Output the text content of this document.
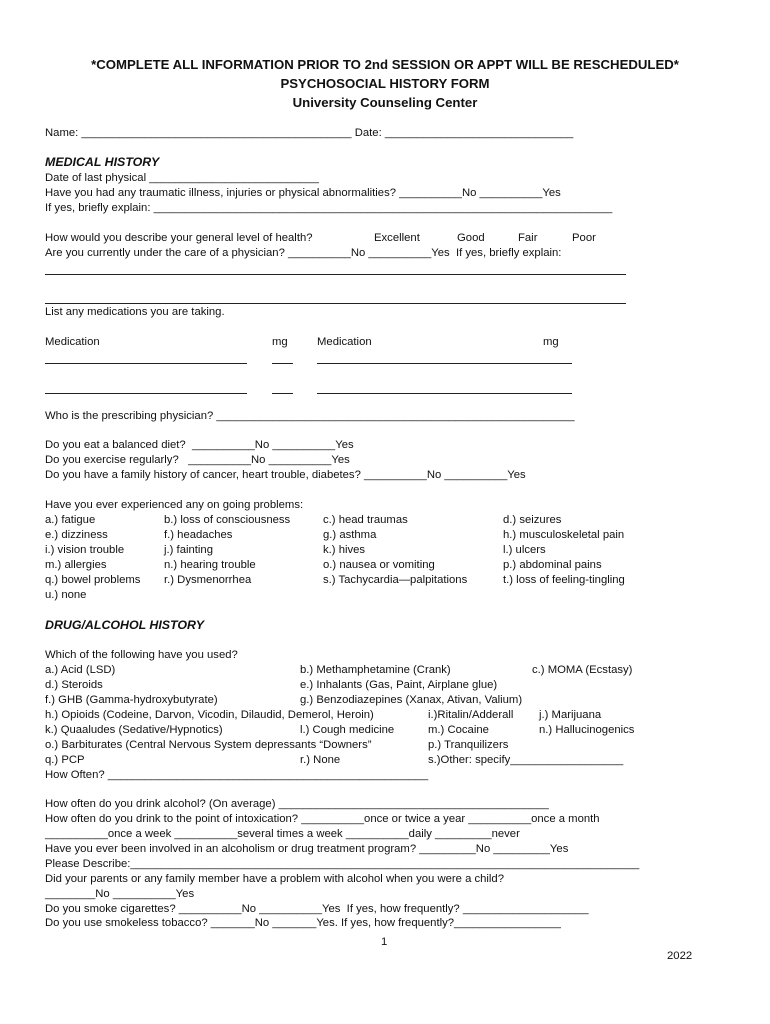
*COMPLETE ALL INFORMATION PRIOR TO 2nd SESSION OR APPT WILL BE RESCHEDULED*
PSYCHOSOCIAL HISTORY FORM
University Counseling Center
Name: ___________________________________________ Date: ______________________________
MEDICAL HISTORY
Date of last physical ___________________________
Have you had any traumatic illness, injuries or physical abnormalities? __________No __________Yes
If yes, briefly explain: _________________________________________________________________________
How would you describe your general level of health?	Excellent	Good	Fair	Poor
Are you currently under the care of a physician? __________No __________Yes  If yes, briefly explain:
List any medications you are taking.
Medication	mg	Medication	mg
Who is the prescribing physician? _________________________________________________________
Do you eat a balanced diet?  __________No __________Yes
Do you exercise regularly?   __________No __________Yes
Do you have a family history of cancer, heart trouble, diabetes? __________No __________Yes
Have you ever experienced any on going problems:
a.) fatigue	b.) loss of consciousness	c.) head traumas	d.) seizures
e.) dizziness	f.) headaches	g.) asthma	h.) musculoskeletal pain
i.) vision trouble	j.) fainting	k.) hives	l.) ulcers
m.) allergies	n.) hearing trouble	o.) nausea or vomiting	p.) abdominal pains
q.) bowel problems r.) Dysmenorrhea	s.) Tachycardia—palpitations	t.) loss of feeling-tingling
u.) none
DRUG/ALCOHOL HISTORY
Which of the following have you used?
a.) Acid (LSD)	b.) Methamphetamine (Crank)	c.) MOMA (Ecstasy)
d.) Steroids	e.) Inhalants (Gas, Paint, Airplane glue)
f.) GHB (Gamma-hydroxybutyrate)	g.) Benzodiazepines (Xanax, Ativan, Valium)
h.) Opioids (Codeine, Darvon, Vicodin, Dilaudid, Demerol, Heroin)	i.)Ritalin/Adderall j.) Marijuana
k.) Quaaludes (Sedative/Hypnotics)	l.) Cough medicine	m.) Cocaine	n.) Hallucinogenics
o.) Barbiturates (Central Nervous System depressants “Downers”	p.) Tranquilizers
q.) PCP	r.) None	s.)Other: specify__________________
How Often? ___________________________________________________
How often do you drink alcohol? (On average) ___________________________________________
How often do you drink to the point of intoxication? __________once or twice a year __________once a month
__________once a week __________several times a week __________daily _________never
Have you ever been involved in an alcoholism or drug treatment program? _________No _________Yes
Please Describe:_________________________________________________________________________________
Did your parents or any family member have a problem with alcohol when you were a child?
________No __________Yes
Do you smoke cigarettes? __________No __________Yes  If yes, how frequently? ____________________
Do you use smokeless tobacco? _______No _______Yes. If yes, how frequently?_________________
1
2022
